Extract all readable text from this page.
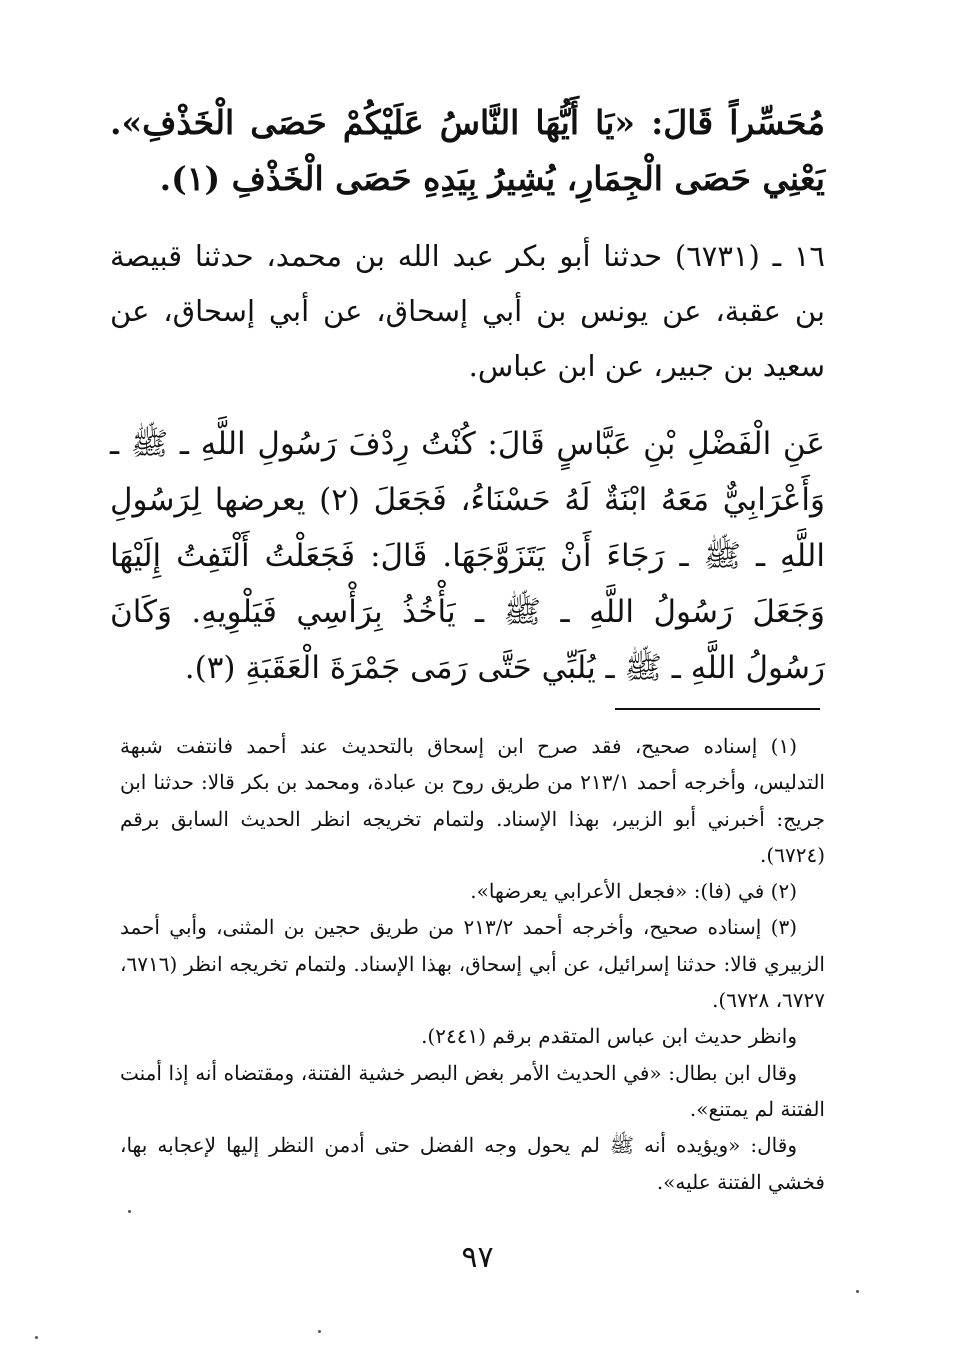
مُحَسِّراً قَالَ: «يَا أَيُّهَا النَّاسُ عَلَيْكُمْ حَصَى الْخَذْفِ». يَعْنِي حَصَى الْجِمَارِ، يُشِيرُ بِيَدِهِ حَصَى الْخَذْفِ (١).

١٦ ـ (٦٧٣١) حدثنا أبو بكر عبد الله بن محمد، حدثنا قبيصة بن عقبة، عن يونس بن أبي إسحاق، عن أبي إسحاق، عن سعيد بن جبير، عن ابن عباس.

عَنِ الْفَضْلِ بْنِ عَبَّاسٍ قَالَ: كُنْتُ رِدْفَ رَسُولِ اللَّهِ ـ ﷺ ـ وَأَعْرَابِيٌّ مَعَهُ ابْنَةٌ لَهُ حَسْنَاءُ، فَجَعَلَ (٢) يعرضها لِرَسُولِ اللَّهِ ـ ﷺ ـ رَجَاءَ أَنْ يَتَزَوَّجَهَا. قَالَ: فَجَعَلْتُ أَلْتَفِتُ إِلَيْهَا وَجَعَلَ رَسُولُ اللَّهِ ـ ﷺ ـ يَأْخُذُ بِرَأْسِي فَيَلْوِيهِ. وَكَانَ رَسُولُ اللَّهِ ـ ﷺ ـ يُلَبِّي حَتَّى رَمَى جَمْرَةَ الْعَقَبَةِ (٣).

(١) إسناده صحيح، فقد صرح ابن إسحاق بالتحديث عند أحمد فانتفت شبهة التدليس، وأخرجه أحمد ٢١٣/١ من طريق روح بن عبادة، ومحمد بن بكر قالا: حدثنا ابن جريج: أخبرني أبو الزبير، بهذا الإسناد. ولتمام تخريجه انظر الحديث السابق برقم (٦٧٢٤).

(٢) في (فا): «فجعل الأعرابي يعرضها».

(٣) إسناده صحيح، وأخرجه أحمد ٢١٣/٢ من طريق حجين بن المثنى، وأبي أحمد الزبيري قالا: حدثنا إسرائيل، عن أبي إسحاق، بهذا الإسناد. ولتمام تخريجه انظر (٦٧١٦، ٦٧٢٧، ٦٧٢٨).

وانظر حديث ابن عباس المتقدم برقم (٢٤٤١).

وقال ابن بطال: «في الحديث الأمر بغض البصر خشية الفتنة، ومقتضاه أنه إذا أمنت الفتنة لم يمتنع».

وقال: «ويؤيده أنه ﷺ لم يحول وجه الفضل حتى أدمن النظر إليها لإعجابه بها، فخشي الفتنة عليه».

٩٧
